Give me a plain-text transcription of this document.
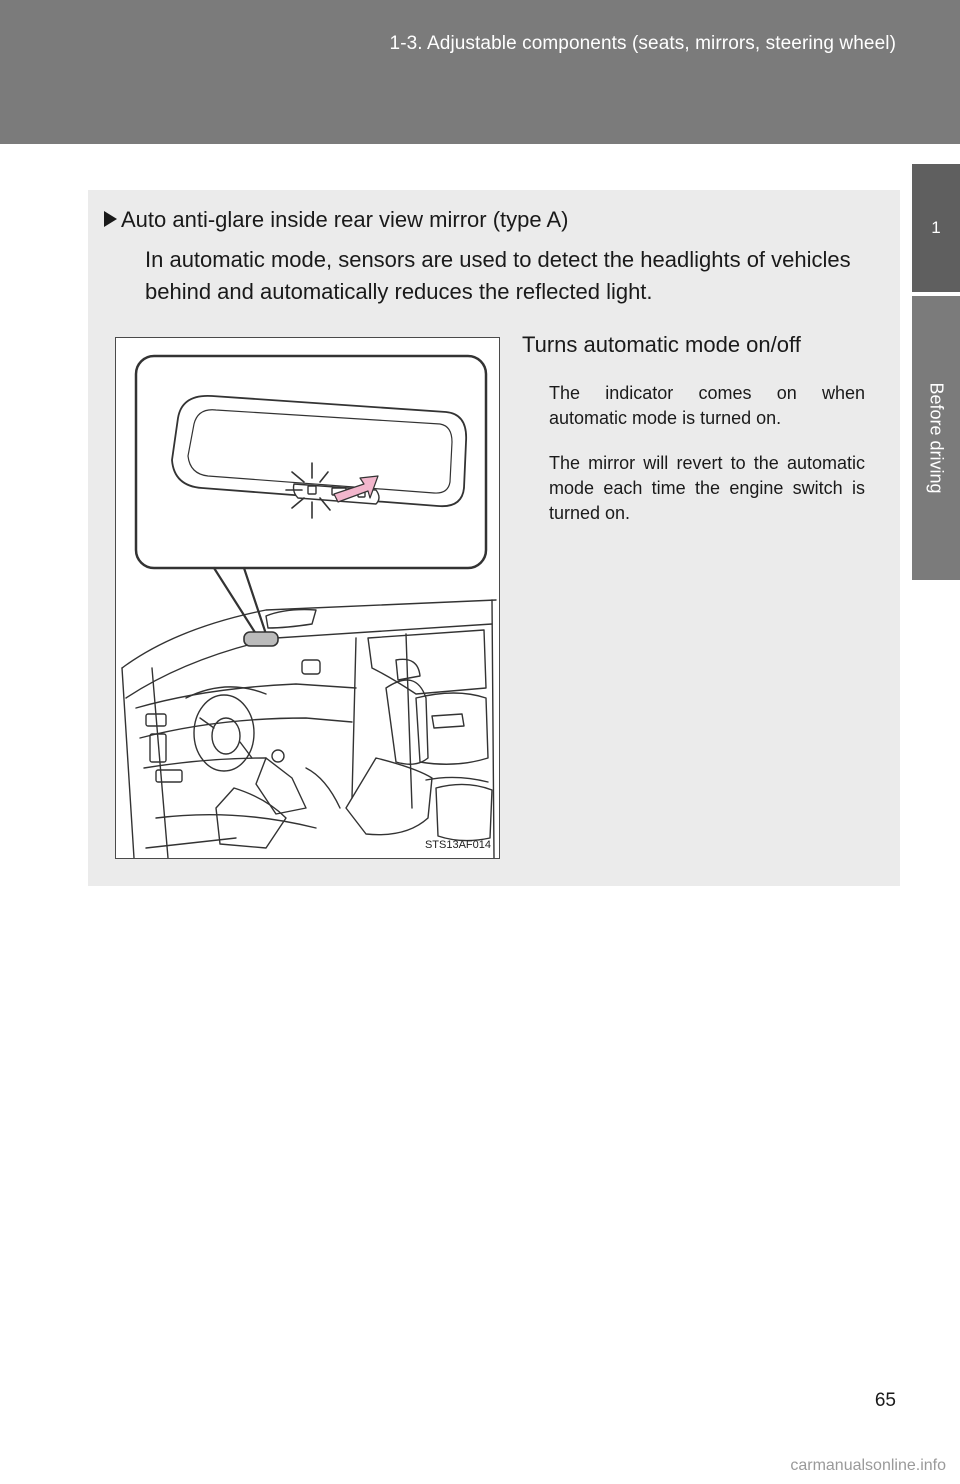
1-3. Adjustable components (seats, mirrors, steering wheel)
1
Before driving
Auto anti-glare inside rear view mirror (type A)
In automatic mode, sensors are used to detect the headlights of vehicles behind and automatically reduces the reflected light.
STS13AF014
Turns automatic mode on/off
The indicator comes on when automatic mode is turned on.
The mirror will revert to the automatic mode each time the engine switch is turned on.
65
carmanualsonline.info
